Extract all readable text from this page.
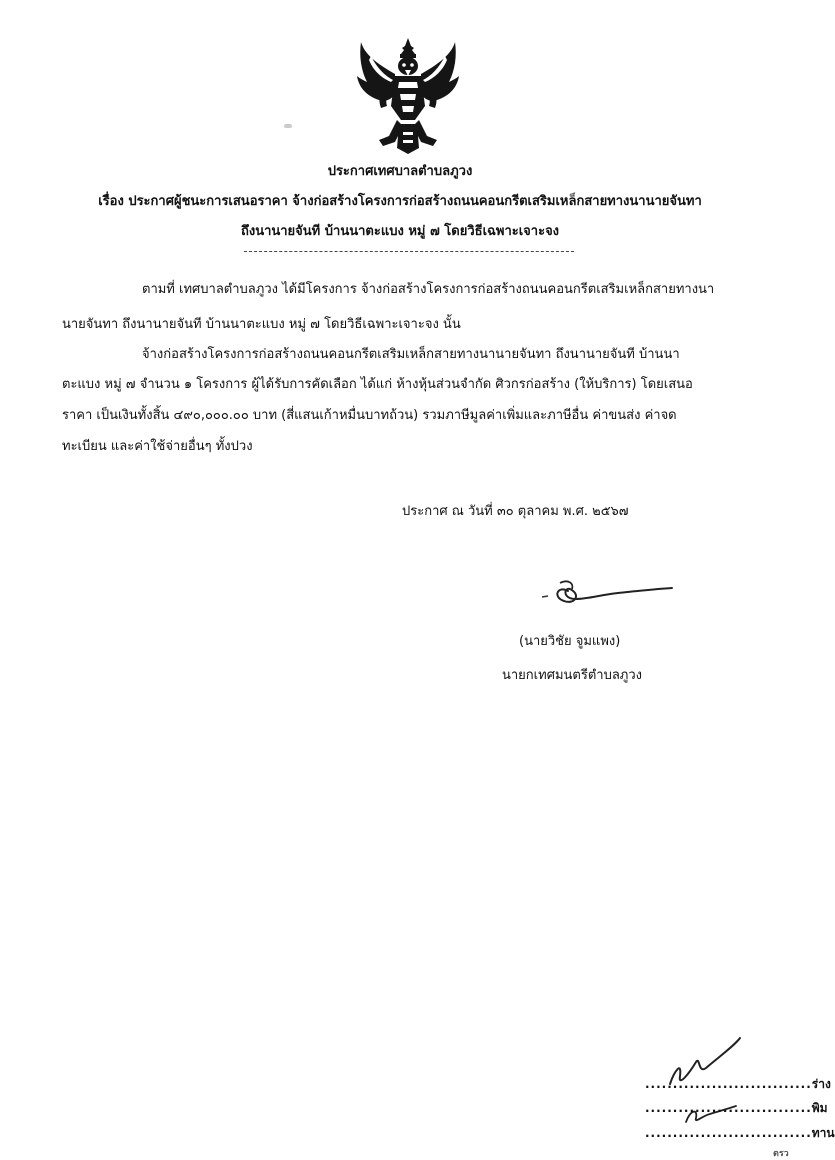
ประกาศเทศบาลตำบลภูวง
เรื่อง ประกาศผู้ชนะการเสนอราคา จ้างก่อสร้างโครงการก่อสร้างถนนคอนกรีตเสริมเหล็กสายทางนานายจันทา
ถึงนานายจันที บ้านนาตะแบง หมู่ ๗ โดยวิธีเฉพาะเจาะจง
ตามที่ เทศบาลตำบลภูวง ได้มีโครงการ จ้างก่อสร้างโครงการก่อสร้างถนนคอนกรีตเสริมเหล็กสายทางนา
นายจันทา ถึงนานายจันที บ้านนาตะแบง หมู่ ๗ โดยวิธีเฉพาะเจาะจง นั้น
จ้างก่อสร้างโครงการก่อสร้างถนนคอนกรีตเสริมเหล็กสายทางนานายจันทา ถึงนานายจันที บ้านนา
ตะแบง หมู่ ๗ จำนวน ๑ โครงการ ผู้ได้รับการคัดเลือก ได้แก่ ห้างหุ้นส่วนจำกัด ศิวกรก่อสร้าง (ให้บริการ) โดยเสนอ
ราคา เป็นเงินทั้งสิ้น ๔๙๐,๐๐๐.๐๐ บาท (สี่แสนเก้าหมื่นบาทถ้วน) รวมภาษีมูลค่าเพิ่มและภาษีอื่น ค่าขนส่ง ค่าจด
ทะเบียน และค่าใช้จ่ายอื่นๆ ทั้งปวง
ประกาศ ณ วันที่ ๓๐ ตุลาคม พ.ศ. ๒๕๖๗
(นายวิชัย จูมแพง)
นายกเทศมนตรีตำบลภูวง
..............................ร่าง
..............................พิม
..............................ทาน
ตรว
